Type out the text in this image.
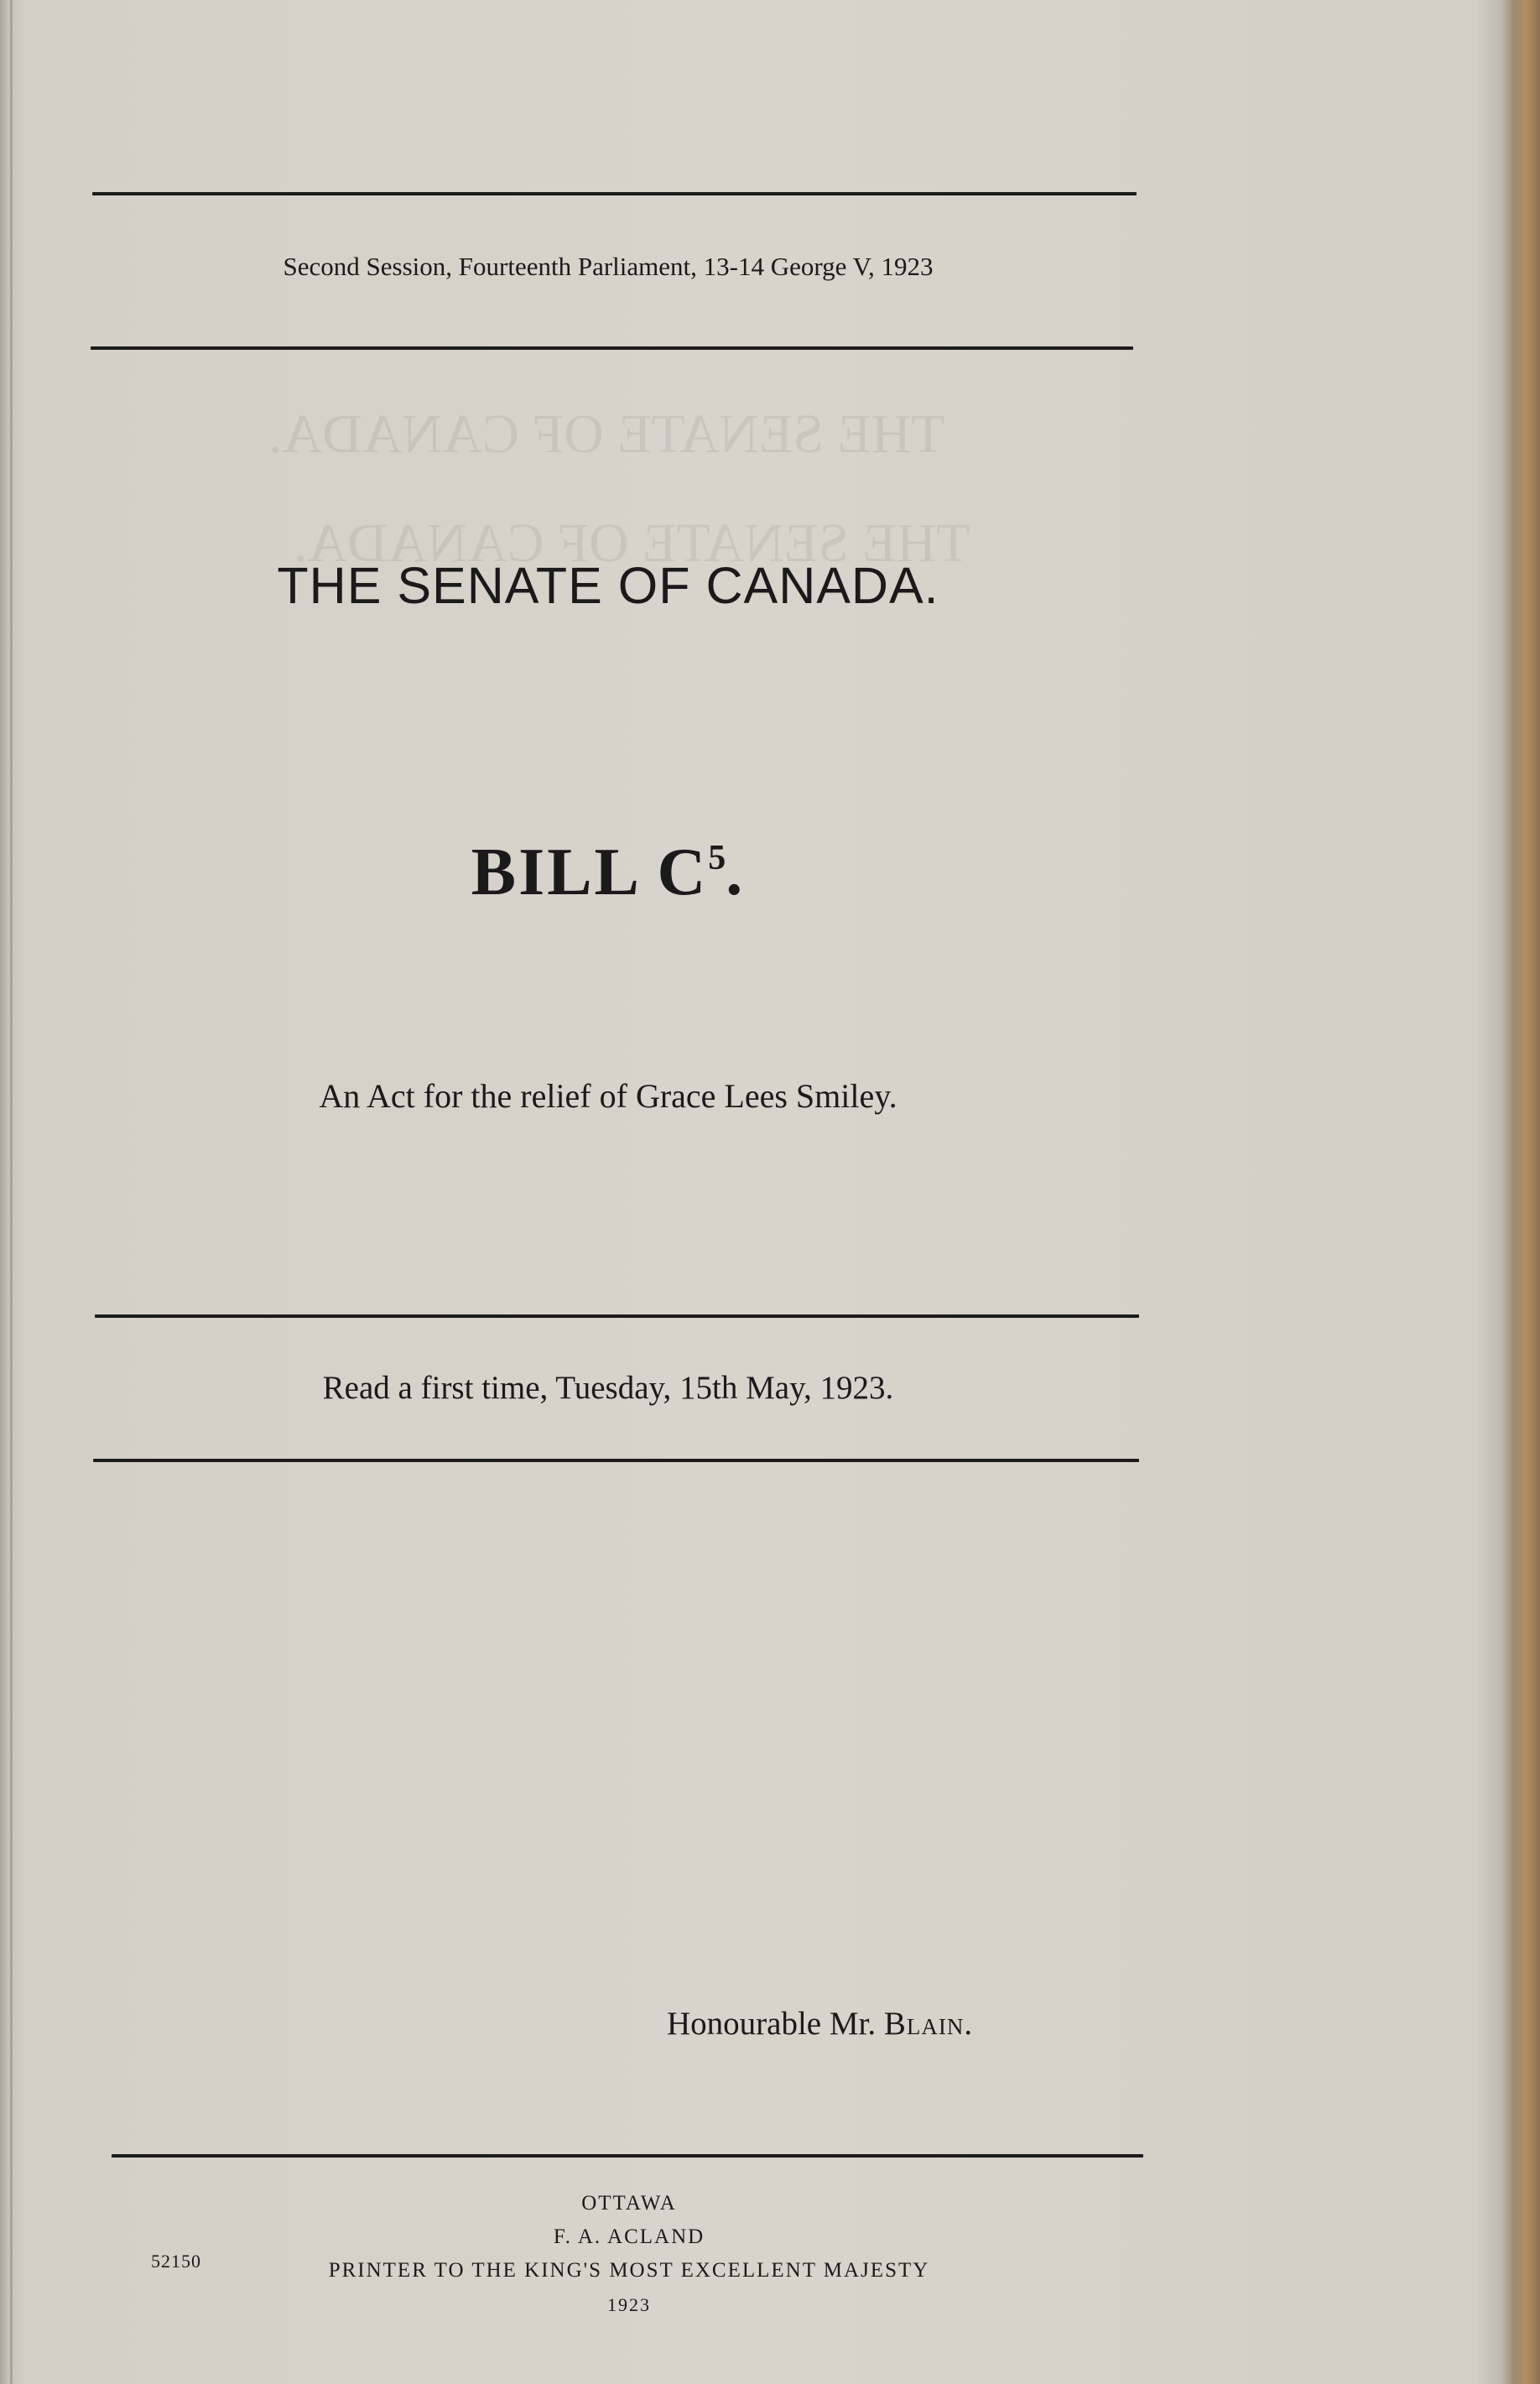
THE SENATE OF CANADA.
THE SENATE OF CANADA.
Second Session, Fourteenth Parliament, 13-14 George V, 1923
THE SENATE OF CANADA.
BILL $C^5$.
An Act for the relief of Grace Lees Smiley.
Read a first time, Tuesday, 15th May, 1923.
Honourable Mr. Blain.
OTTAWA
F. A. ACLAND
PRINTER TO THE KING'S MOST EXCELLENT MAJESTY
1923
52150
